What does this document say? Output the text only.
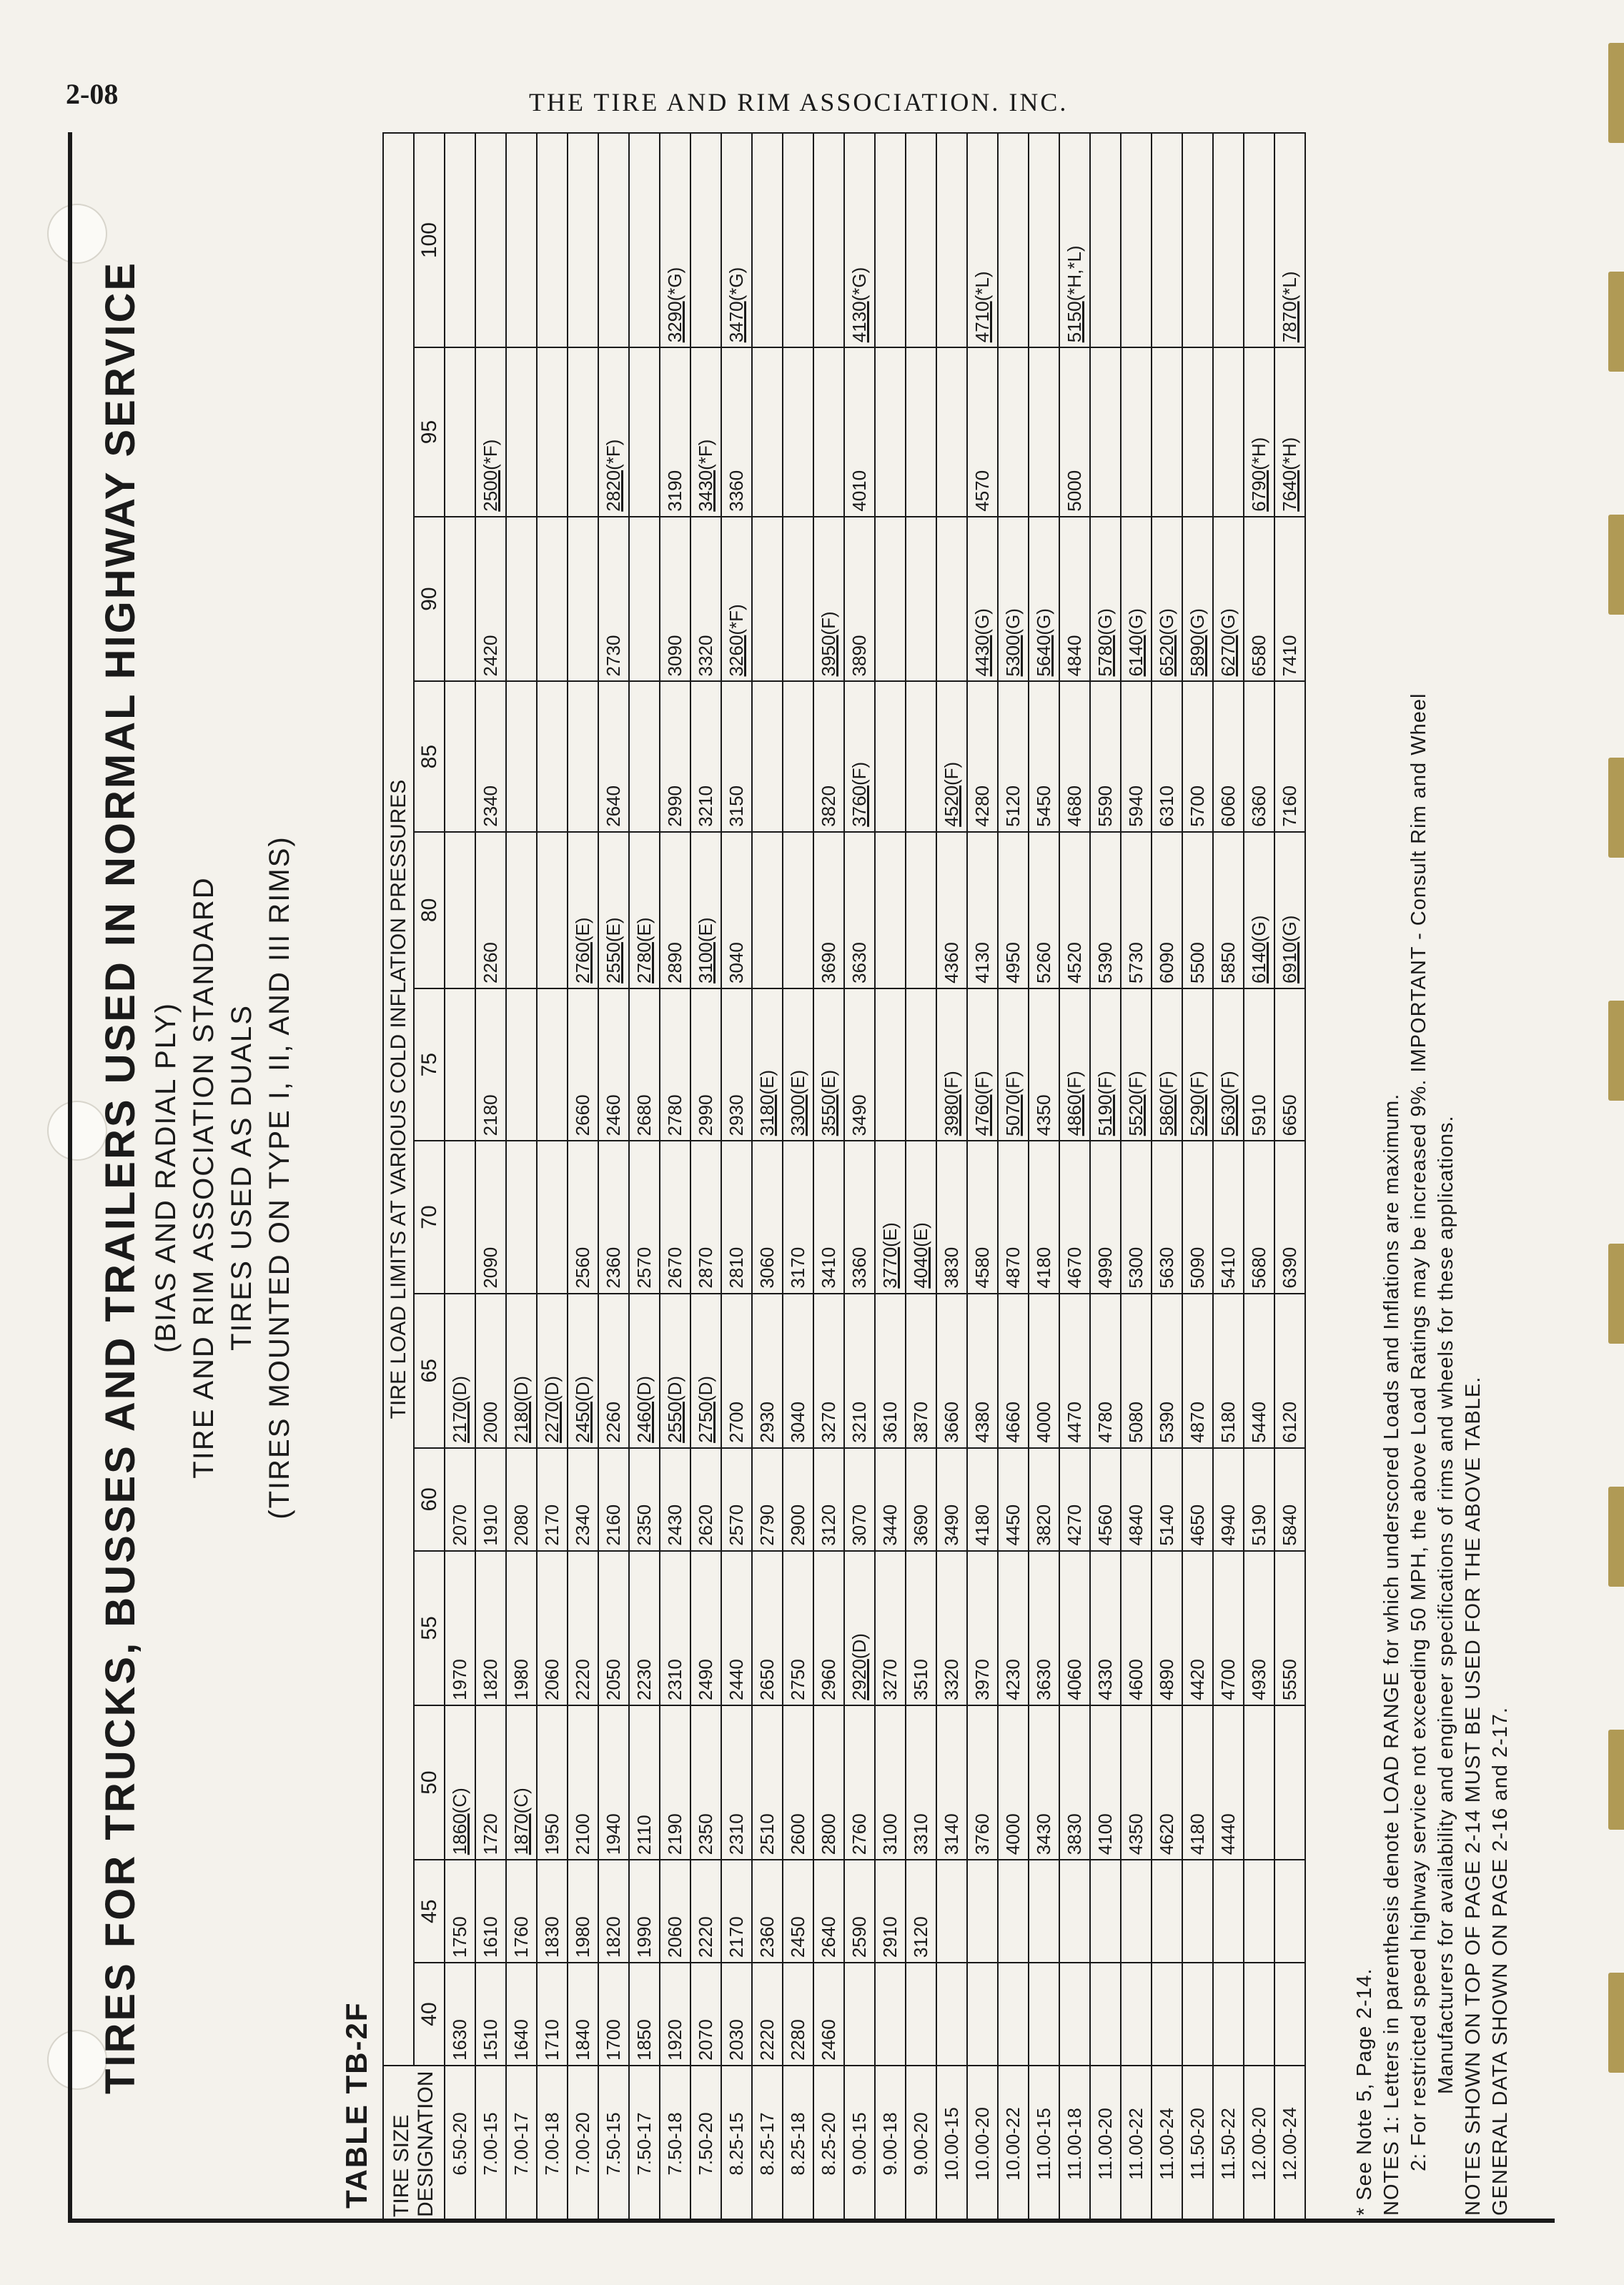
2-08	THE TIRE AND RIM ASSOCIATION. INC.
TIRES FOR TRUCKS, BUSSES AND TRAILERS USED IN NORMAL HIGHWAY SERVICE (BIAS AND RADIAL PLY) TIRE AND RIM ASSOCIATION STANDARD TIRES USED AS DUALS (TIRES MOUNTED ON TYPE I, II, AND III RIMS)
TABLE TB-2F TIRE SIZE DESIGNATION	TIRE LOAD LIMITS AT VARIOUS COLD INFLATION PRESSURES												
	40	45	50	55	60	65	70	75	80	85	90	95	100
6.50-20	1630	1750	1860(C)	1970	2070	2170(D)							
7.00-15	1510	1610	1720	1820	1910	2000	2090	2180	2260	2340	2420	2500(*F)	
7.00-17	1640	1760	1870(C)	1980	2080	2180(D)							
7.00-18	1710	1830	1950	2060	2170	2270(D)							
7.00-20	1840	1980	2100	2220	2340	2450(D)	2560	2660	2760(E)				
7.50-15	1700	1820	1940	2050	2160	2260	2360	2460	2550(E)	2640	2730	2820(*F)	
7.50-17	1850	1990	2110	2230	2350	2460(D)	2570	2680	2780(E)				
7.50-18	1920	2060	2190	2310	2430	2550(D)	2670	2780	2890	2990	3090	3190	3290(*G)
7.50-20	2070	2220	2350	2490	2620	2750(D)	2870	2990	3100(E)	3210	3320	3430(*F)	
8.25-15	2030	2170	2310	2440	2570	2700	2810	2930	3040	3150	3260(*F)	3360	3470(*G)
8.25-17	2220	2360	2510	2650	2790	2930	3060	3180(E)					
8.25-18	2280	2450	2600	2750	2900	3040	3170	3300(E)					
8.25-20	2460	2640	2800	2960	3120	3270	3410	3550(E)	3690	3820	3950(F)		
9.00-15		2590	2760	2920(D)	3070	3210	3360	3490	3630	3760(F)	3890	4010	4130(*G)
9.00-18		2910	3100	3270	3440	3610	3770(E)						
9.00-20		3120	3310	3510	3690	3870	4040(E)						
10.00-15			3140	3320	3490	3660	3830	3980(F)	4360	4520(F)			
10.00-20			3760	3970	4180	4380	4580	4760(F)	4130	4280	4430(G)	4570	4710(*L)
10.00-22			4000	4230	4450	4660	4870	5070(F)	4950	5120	5300(G)		
11.00-15			3430	3630	3820	4000	4180	4350	5260	5450	5640(G)		
11.00-18			3830	4060	4270	4470	4670	4860(F)	4520	4680	4840	5000	5150(*H,*L)
11.00-20			4100	4330	4560	4780	4990	5190(F)	5390	5590	5780(G)		
11.00-22			4350	4600	4840	5080	5300	5520(F)	5730	5940	6140(G)		
11.00-24			4620	4890	5140	5390	5630	5860(F)	6090	6310	6520(G)		
11.50-20			4180	4420	4650	4870	5090	5290(F)	5500	5700	5890(G)		
11.50-22			4440	4700	4940	5180	5410	5630(F)	5850	6060	6270(G)		
12.00-20				4930	5190	5440	5680	5910	6140(G)	6360	6580	6790(*H)	
12.00-24				5550	5840	6120	6390	6650	6910(G)	7160	7410	7640(*H)	7870(*L)
* See Note 5, Page 2-14. NOTES 1: Letters in parenthesis denote LOAD RANGE for which underscored Loads and Inflations are maximum. 2: For restricted speed highway service not exceeding 50 MPH, the above Load Ratings may be increased 9%. IMPORTANT - Consult Rim and Wheel Manufacturers for availability and engineer specifications of rims and wheels for these applications. NOTES SHOWN ON TOP OF PAGE 2-14 MUST BE USED FOR THE ABOVE TABLE. GENERAL DATA SHOWN ON PAGE 2-16 and 2-17.
